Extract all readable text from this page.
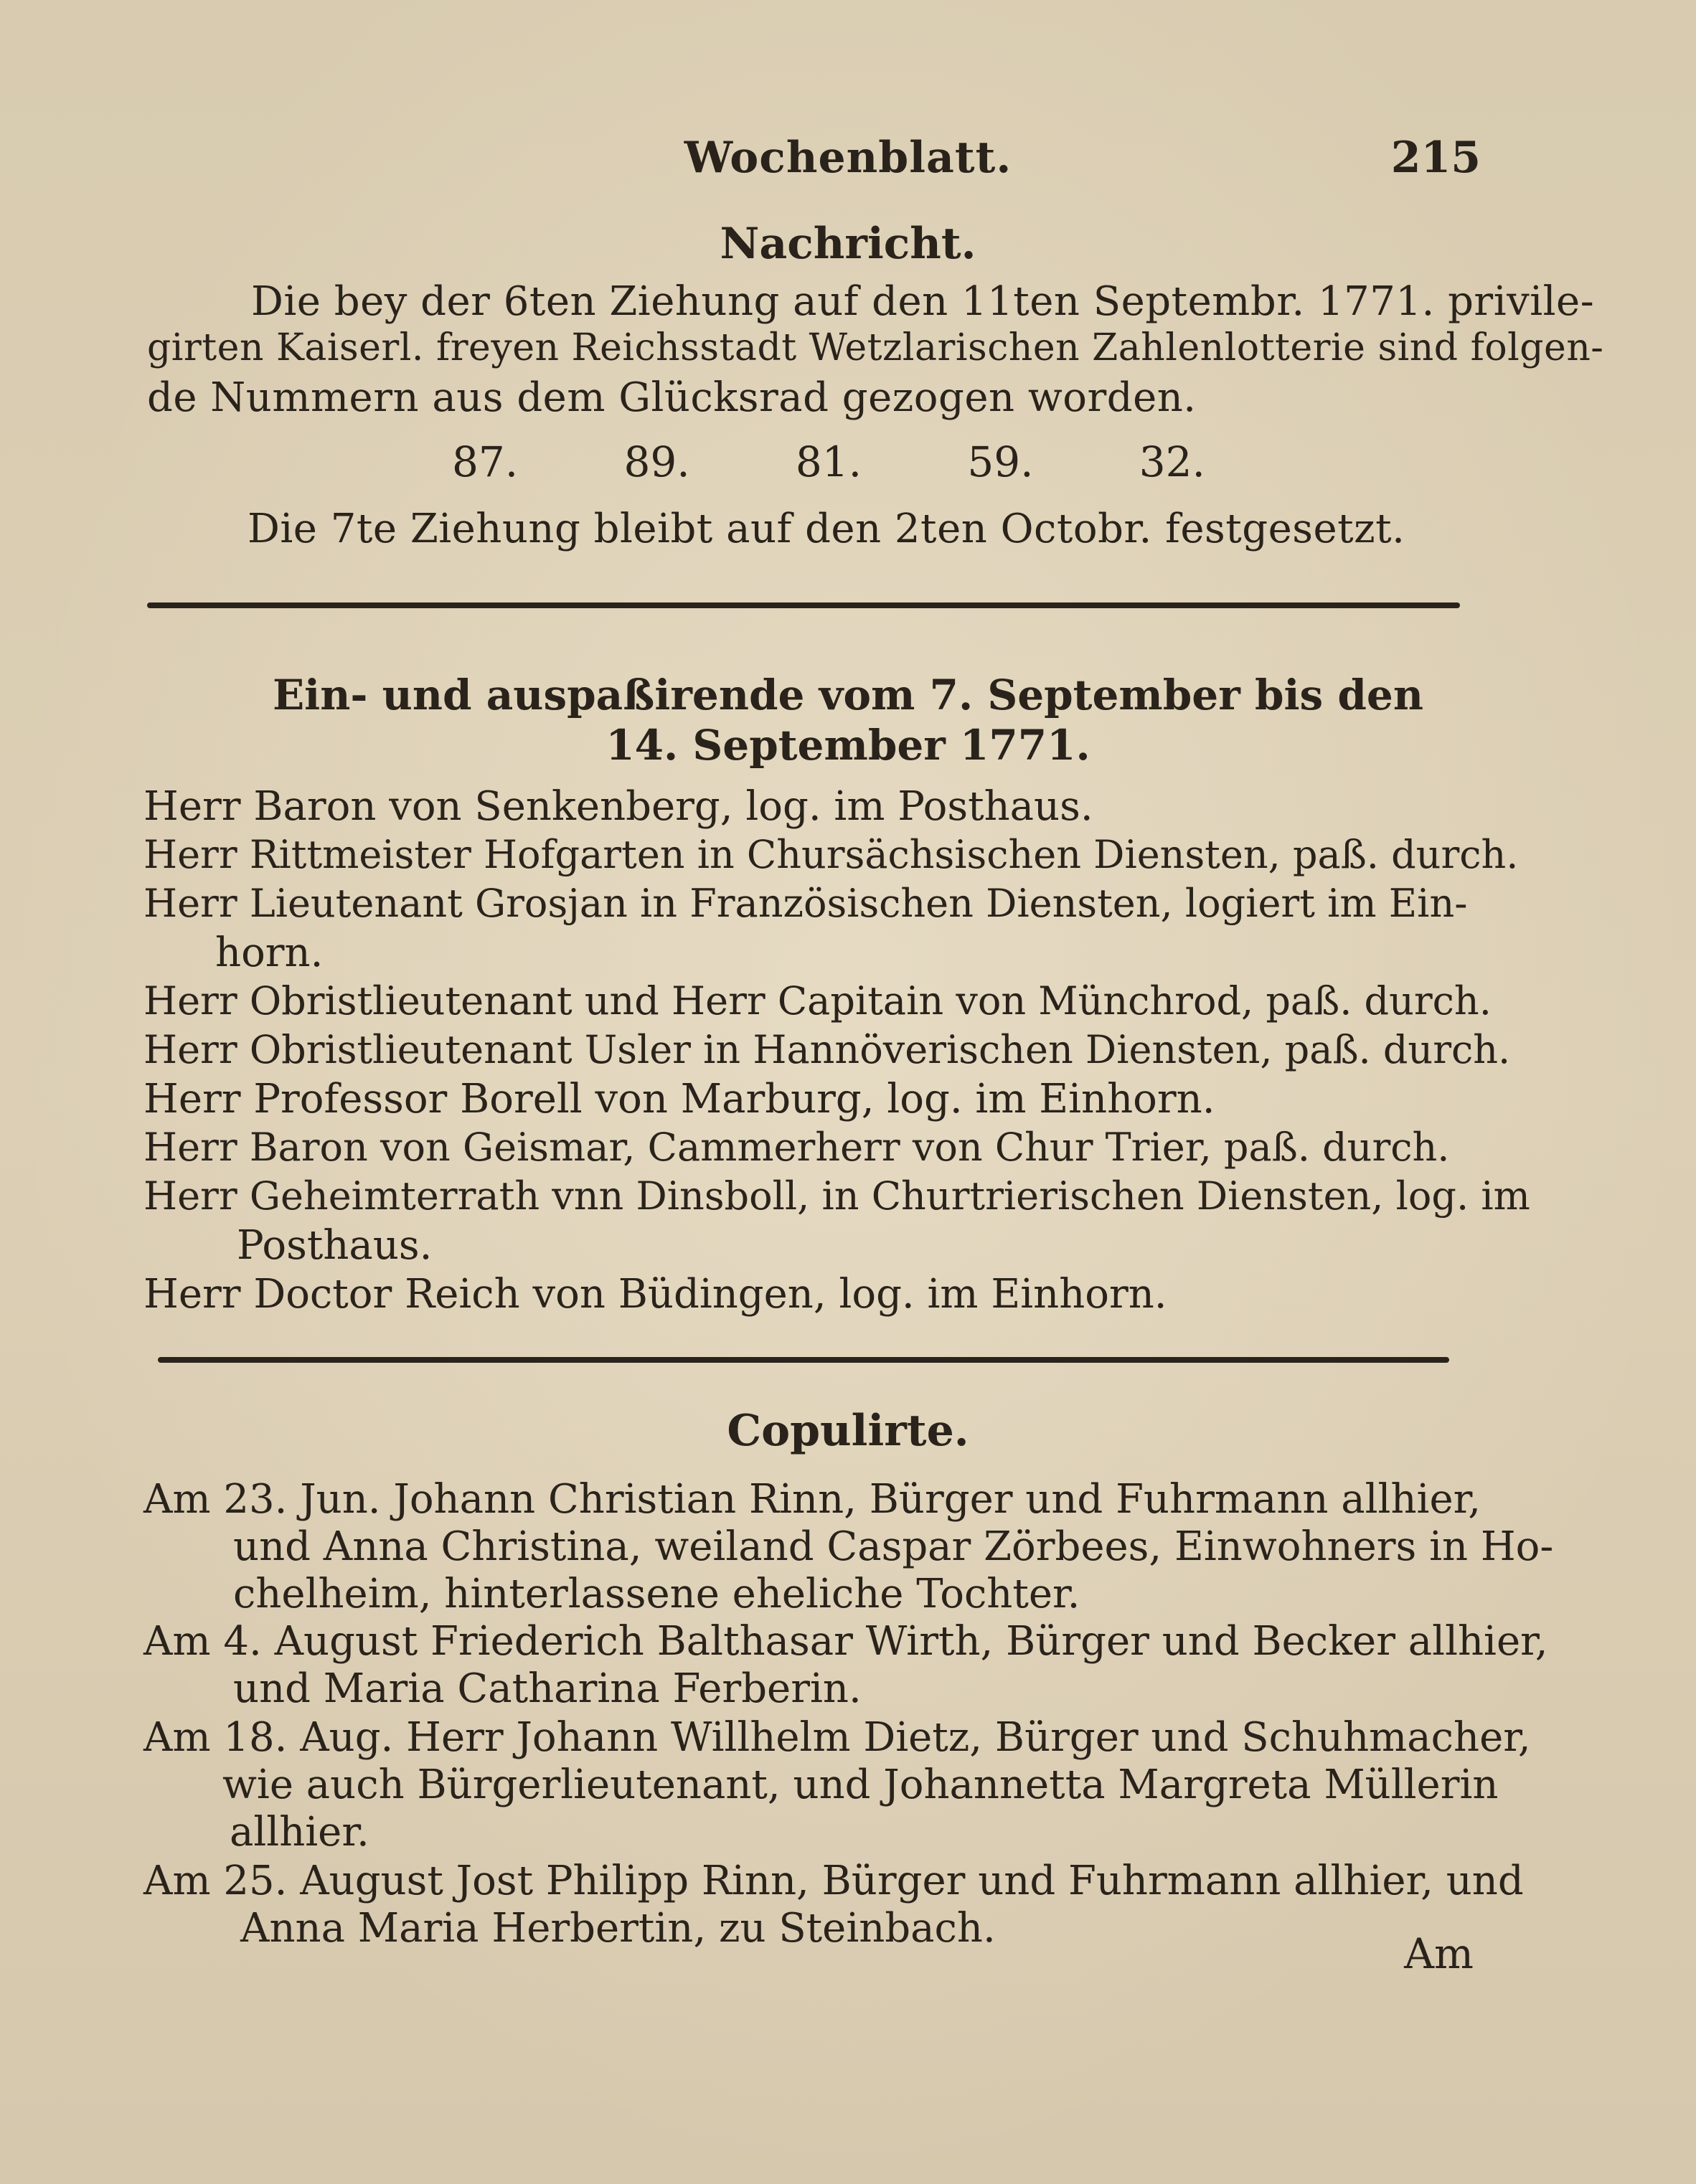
Wochenblatt.	215
Nachricht.
Die bey der 6ten Ziehung auf den 11ten Septembr. 1771. privile-
girten Kaiserl. freyen Reichsstadt Wetzlarischen Zahlenlotterie sind folgen-
de Nummern aus dem Glücksrad gezogen worden.
87.	89.	81.	59.	32.
Die 7te Ziehung bleibt auf den 2ten Octobr. festgesetzt.
Ein- und auspaßirende vom 7. September bis den
14. September 1771.
Herr Baron von Senkenberg, log. im Posthaus.
Herr Rittmeister Hofgarten in Chursächsischen Diensten, paß. durch.
Herr Lieutenant Grosjan in Französischen Diensten, logiert im Ein-
horn.
Herr Obristlieutenant und Herr Capitain von Münchrod, paß. durch.
Herr Obristlieutenant Usler in Hannöverischen Diensten, paß. durch.
Herr Professor Borell von Marburg, log. im Einhorn.
Herr Baron von Geismar, Cammerherr von Chur Trier, paß. durch.
Herr Geheimterrath vnn Dinsboll, in Churtrierischen Diensten, log. im
Posthaus.
Herr Doctor Reich von Büdingen, log. im Einhorn.
Copulirte.
Am 23. Jun. Johann Christian Rinn, Bürger und Fuhrmann allhier,
und Anna Christina, weiland Caspar Zörbees, Einwohners in Ho-
chelheim, hinterlassene eheliche Tochter.
Am 4. August Friederich Balthasar Wirth, Bürger und Becker allhier,
und Maria Catharina Ferberin.
Am 18. Aug. Herr Johann Willhelm Dietz, Bürger und Schuhmacher,
wie auch Bürgerlieutenant, und Johannetta Margreta Müllerin
allhier.
Am 25. August Jost Philipp Rinn, Bürger und Fuhrmann allhier, und
Anna Maria Herbertin, zu Steinbach.
Am
